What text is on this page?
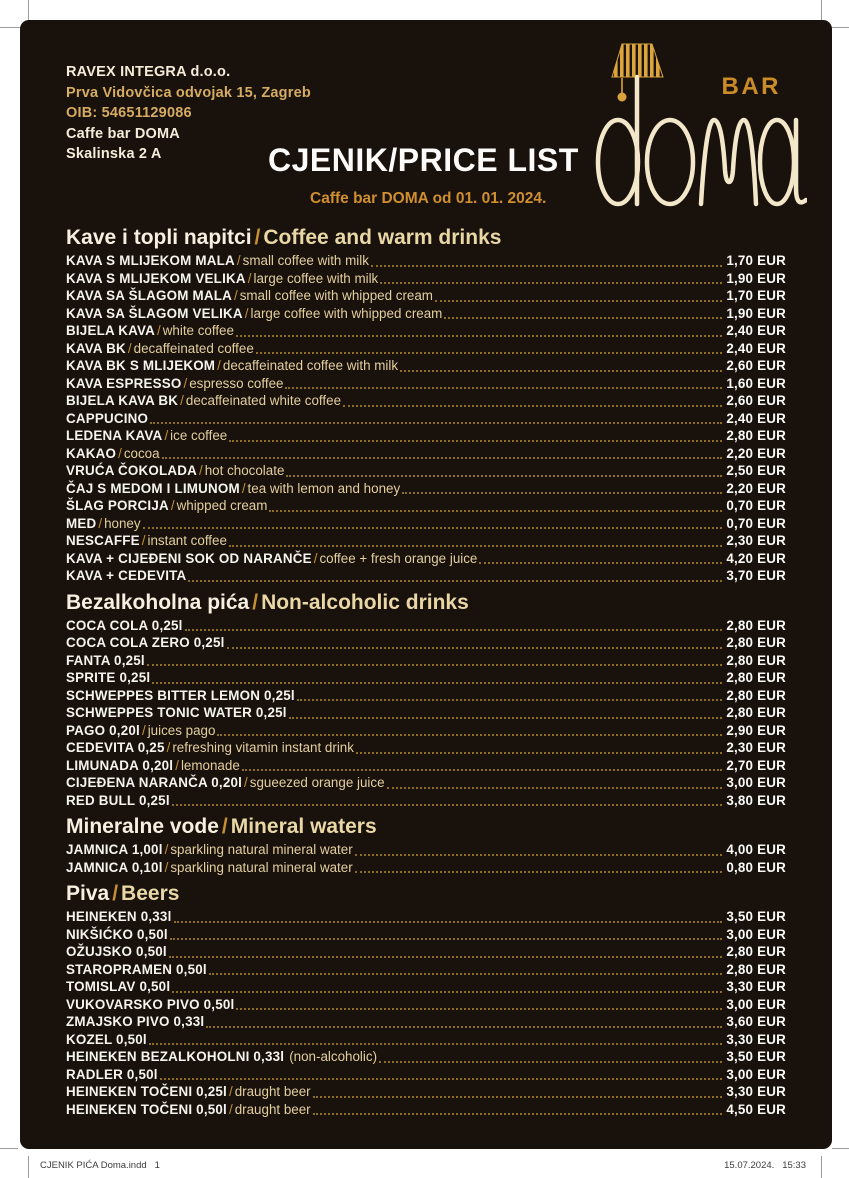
RAVEX INTEGRA d.o.o.
Prva Vidovčica odvojak 15, Zagreb
OIB: 54651129086
Caffe bar DOMA
Skalinska 2 A	CJENIK/PRICE LIST
Caffe bar DOMA od 01. 01. 2024.
BAR
Kave i topli napitci / Coffee and warm drinks
KAVA S MLIJEKOM MALA / small coffee with milk	1,70 EUR
KAVA S MLIJEKOM VELIKA / large coffee with milk	1,90 EUR
KAVA SA ŠLAGOM MALA / small coffee with whipped cream	1,70 EUR
KAVA SA ŠLAGOM VELIKA / large coffee with whipped cream	1,90 EUR
BIJELA KAVA / white coffee	2,40 EUR
KAVA BK / decaffeinated coffee	2,40 EUR
KAVA BK S MLIJEKOM / decaffeinated coffee with milk	2,60 EUR
KAVA ESPRESSO / espresso coffee	1,60 EUR
BIJELA KAVA BK / decaffeinated white coffee	2,60 EUR
CAPPUCINO	2,40 EUR
LEDENA KAVA / ice coffee	2,80 EUR
KAKAO / cocoa	2,20 EUR
VRUĆA ČOKOLADA / hot chocolate	2,50 EUR
ČAJ S MEDOM I LIMUNOM / tea with lemon and honey	2,20 EUR
ŠLAG PORCIJA / whipped cream	0,70 EUR
MED / honey	0,70 EUR
NESCAFFE / instant coffee	2,30 EUR
KAVA + CIJEĐENI SOK OD NARANČE / coffee + fresh orange juice	4,20 EUR
KAVA + CEDEVITA	3,70 EUR
Bezalkoholna pića / Non-alcoholic drinks
COCA COLA 0,25l	2,80 EUR
COCA COLA ZERO 0,25l	2,80 EUR
FANTA 0,25l	2,80 EUR
SPRITE 0,25l	2,80 EUR
SCHWEPPES BITTER LEMON 0,25l	2,80 EUR
SCHWEPPES TONIC WATER 0,25l	2,80 EUR
PAGO 0,20l / juices pago	2,90 EUR
CEDEVITA 0,25 / refreshing vitamin instant drink	2,30 EUR
LIMUNADA 0,20l / lemonade	2,70 EUR
CIJEĐENA NARANČA 0,20l / sgueezed orange juice	3,00 EUR
RED BULL 0,25l	3,80 EUR
Mineralne vode / Mineral waters
JAMNICA 1,00l / sparkling natural mineral water	4,00 EUR
JAMNICA 0,10l / sparkling natural mineral water	0,80 EUR
Piva / Beers
HEINEKEN 0,33l	3,50 EUR
NIKŠIĆKO 0,50l	3,00 EUR
OŽUJSKO 0,50l	2,80 EUR
STAROPRAMEN 0,50l	2,80 EUR
TOMISLAV 0,50l	3,30 EUR
VUKOVARSKO PIVO 0,50l	3,00 EUR
ZMAJSKO PIVO 0,33l	3,60 EUR
KOZEL 0,50l	3,30 EUR
HEINEKEN BEZALKOHOLNI 0,33l (non-alcoholic)	3,50 EUR
RADLER 0,50l	3,00 EUR
HEINEKEN TOČENI 0,25l / draught beer	3,30 EUR
HEINEKEN TOČENI 0,50l / draught beer	4,50 EUR
CJENIK PIĆA Doma.indd   1	15.07.2024.   15:33
